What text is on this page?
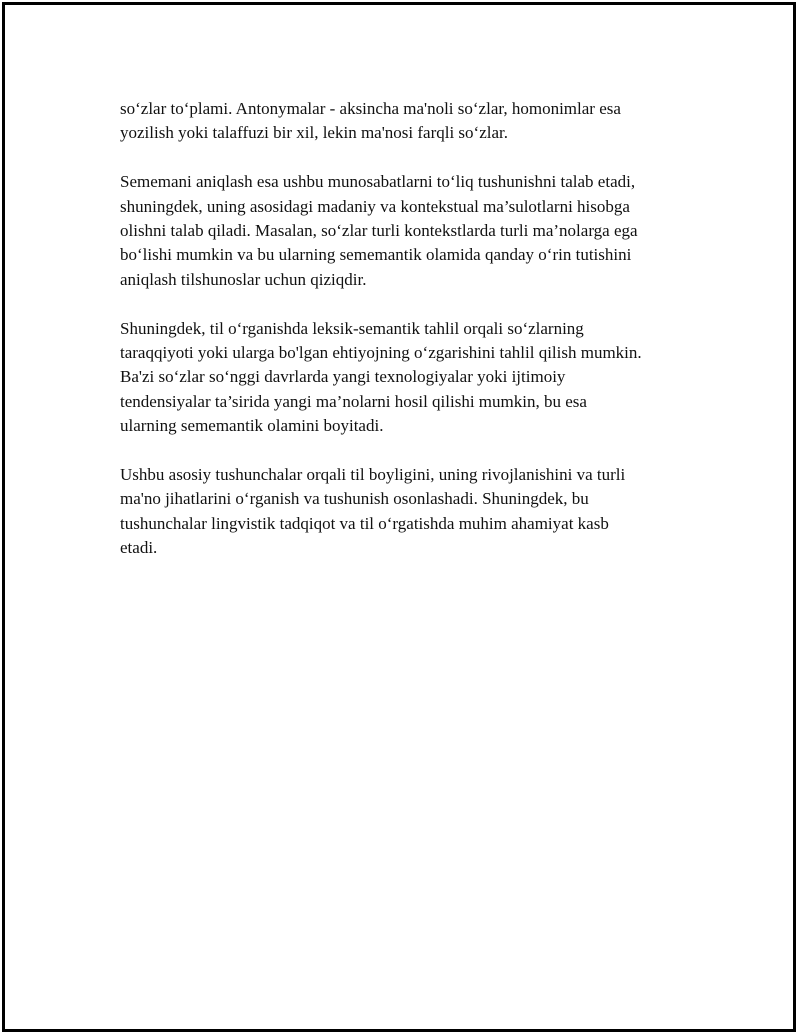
so‘zlar to‘plami. Antonymalar - aksincha ma'noli so‘zlar, homonimlar esa
yozilish yoki talaffuzi bir xil, lekin ma'nosi farqli so‘zlar.

Sememani aniqlash esa ushbu munosabatlarni to‘liq tushunishni talab etadi,
shuningdek, uning asosidagi madaniy va kontekstual ma’sulotlarni hisobga
olishni talab qiladi. Masalan, so‘zlar turli kontekstlarda turli ma’nolarga ega
bo‘lishi mumkin va bu ularning sememantik olamida qanday o‘rin tutishini
aniqlash tilshunoslar uchun qiziqdir.

Shuningdek, til o‘rganishda leksik-semantik tahlil orqali so‘zlarning
taraqqiyoti yoki ularga bo'lgan ehtiyojning o‘zgarishini tahlil qilish mumkin.
Ba'zi so‘zlar so‘nggi davrlarda yangi texnologiyalar yoki ijtimoiy
tendensiyalar ta’sirida yangi ma’nolarni hosil qilishi mumkin, bu esa
ularning sememantik olamini boyitadi.

Ushbu asosiy tushunchalar orqali til boyligini, uning rivojlanishini va turli
ma'no jihatlarini o‘rganish va tushunish osonlashadi. Shuningdek, bu
tushunchalar lingvistik tadqiqot va til o‘rgatishda muhim ahamiyat kasb
etadi.
